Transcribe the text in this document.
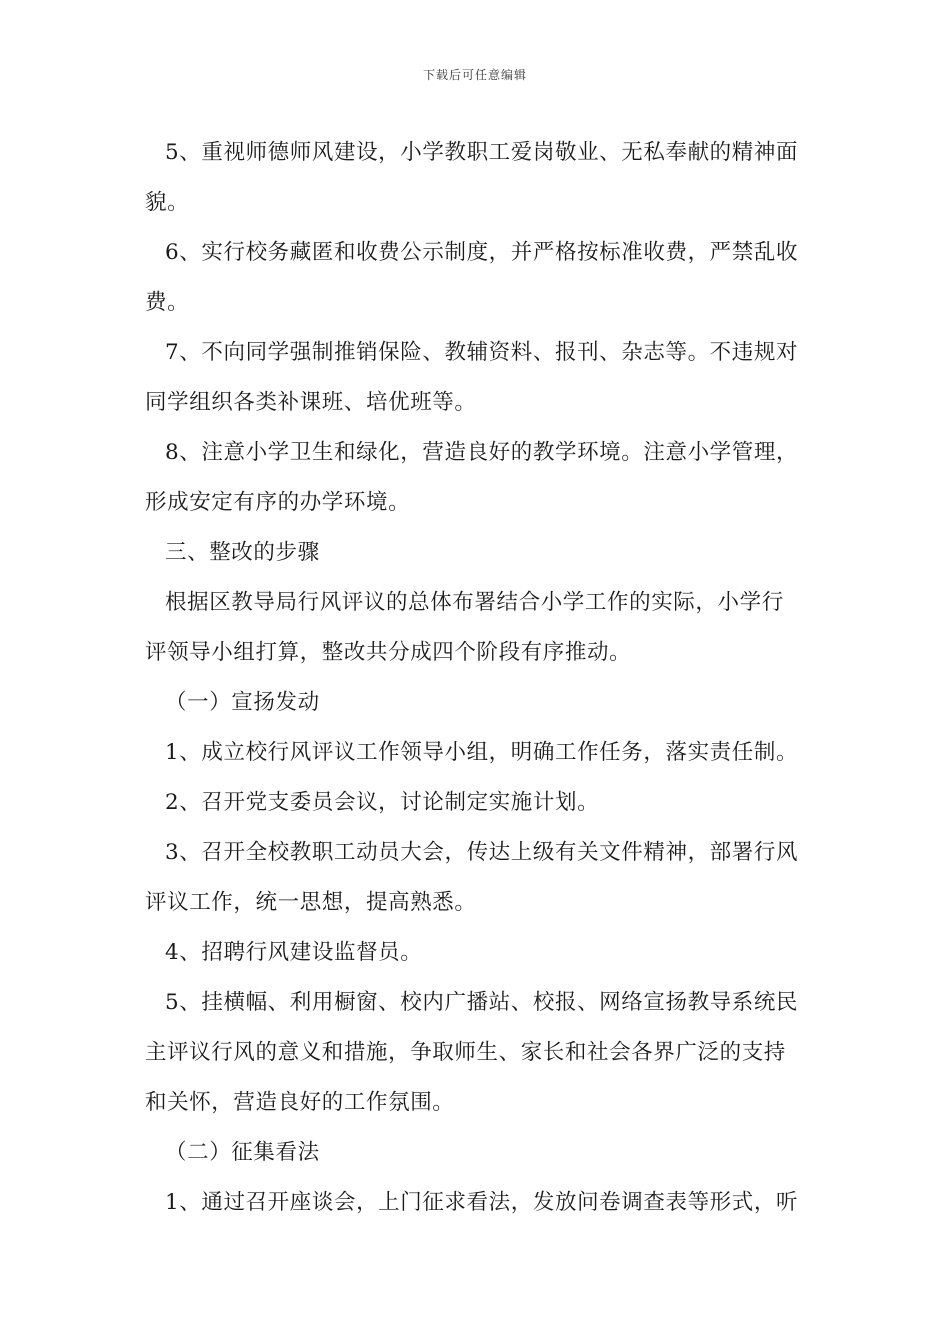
下载后可任意编辑
5、重视师德师风建设，小学教职工爱岗敬业、无私奉献的精神面
貌。
6、实行校务藏匿和收费公示制度，并严格按标准收费，严禁乱收
费。
7、不向同学强制推销保险、教辅资料、报刊、杂志等。不违规对
同学组织各类补课班、培优班等。
8、注意小学卫生和绿化，营造良好的教学环境。注意小学管理，
形成安定有序的办学环境。
三、整改的步骤
根据区教导局行风评议的总体布署结合小学工作的实际，小学行
评领导小组打算，整改共分成四个阶段有序推动。
（一）宣扬发动
1、成立校行风评议工作领导小组，明确工作任务，落实责任制。
2、召开党支委员会议，讨论制定实施计划。
3、召开全校教职工动员大会，传达上级有关文件精神，部署行风
评议工作，统一思想，提高熟悉。
4、招聘行风建设监督员。
5、挂横幅、利用橱窗、校内广播站、校报、网络宣扬教导系统民
主评议行风的意义和措施，争取师生、家长和社会各界广泛的支持
和关怀，营造良好的工作氛围。
（二）征集看法
1、通过召开座谈会，上门征求看法，发放问卷调查表等形式，听
